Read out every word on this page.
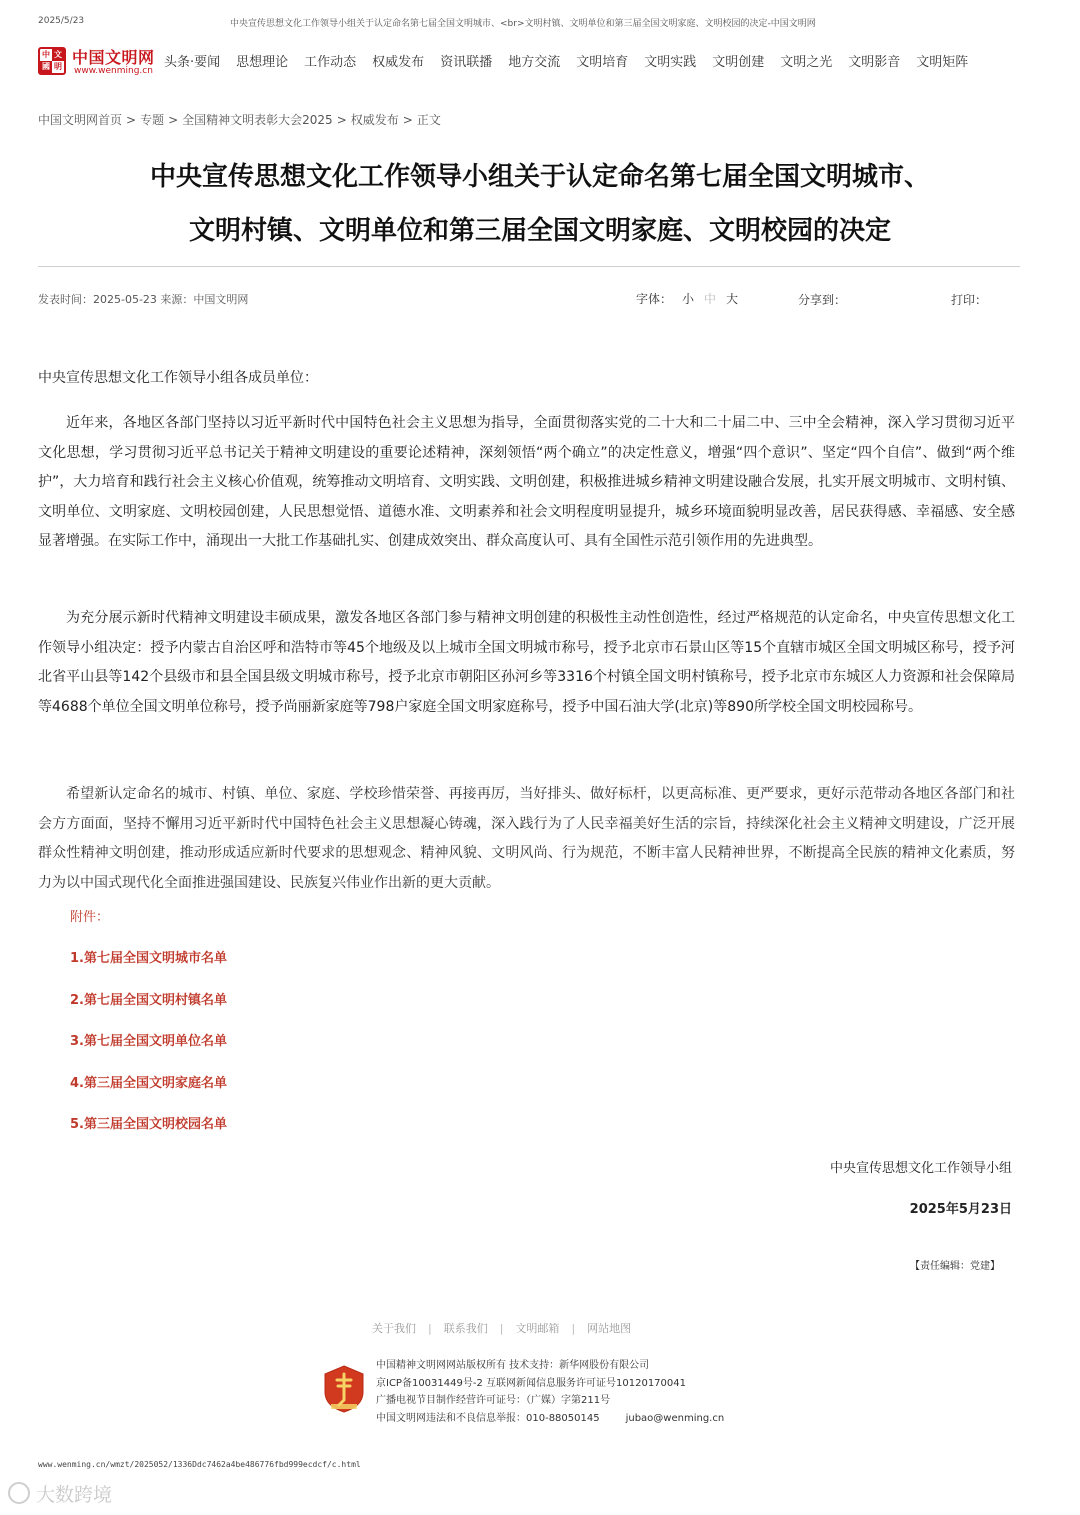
2025/5/23	中央宣传思想文化工作领导小组关于认定命名第七届全国文明城市、<br>文明村镇、文明单位和第三届全国文明家庭、文明校园的决定-中国文明网
中 文
國 明 中国文明网
www.wenming.cn
头条·要闻 思想理论 工作动态 权威发布 资讯联播 地方交流 文明培育 文明实践 文明创建 文明之光 文明影音 文明矩阵
中国文明网首页 > 专题 > 全国精神文明表彰大会2025 > 权威发布 > 正文
中央宣传思想文化工作领导小组关于认定命名第七届全国文明城市、
文明村镇、文明单位和第三届全国文明家庭、文明校园的决定
发表时间：2025-05-23 来源：中国文明网	字体： 小 中 大	分享到：	打印：
中央宣传思想文化工作领导小组各成员单位：
近年来，各地区各部门坚持以习近平新时代中国特色社会主义思想为指导，全面贯彻落实党的二十大和二十届二中、三中全会精神，深入学习贯彻习近平文化思想，学习贯彻习近平总书记关于精神文明建设的重要论述精神，深刻领悟“两个确立”的决定性意义，增强“四个意识”、坚定“四个自信”、做到“两个维护”，大力培育和践行社会主义核心价值观，统筹推动文明培育、文明实践、文明创建，积极推进城乡精神文明建设融合发展，扎实开展文明城市、文明村镇、文明单位、文明家庭、文明校园创建，人民思想觉悟、道德水准、文明素养和社会文明程度明显提升，城乡环境面貌明显改善，居民获得感、幸福感、安全感显著增强。在实际工作中，涌现出一大批工作基础扎实、创建成效突出、群众高度认可、具有全国性示范引领作用的先进典型。
为充分展示新时代精神文明建设丰硕成果，激发各地区各部门参与精神文明创建的积极性主动性创造性，经过严格规范的认定命名，中央宣传思想文化工作领导小组决定：授予内蒙古自治区呼和浩特市等45个地级及以上城市全国文明城市称号，授予北京市石景山区等15个直辖市城区全国文明城区称号，授予河北省平山县等142个县级市和县全国县级文明城市称号，授予北京市朝阳区孙河乡等3316个村镇全国文明村镇称号，授予北京市东城区人力资源和社会保障局等4688个单位全国文明单位称号，授予尚丽新家庭等798户家庭全国文明家庭称号，授予中国石油大学(北京)等890所学校全国文明校园称号。
希望新认定命名的城市、村镇、单位、家庭、学校珍惜荣誉、再接再厉，当好排头、做好标杆，以更高标准、更严要求，更好示范带动各地区各部门和社会方方面面，坚持不懈用习近平新时代中国特色社会主义思想凝心铸魂，深入践行为了人民幸福美好生活的宗旨，持续深化社会主义精神文明建设，广泛开展群众性精神文明创建，推动形成适应新时代要求的思想观念、精神风貌、文明风尚、行为规范，不断丰富人民精神世界，不断提高全民族的精神文化素质，努力为以中国式现代化全面推进强国建设、民族复兴伟业作出新的更大贡献。
附件：
1.第七届全国文明城市名单
2.第七届全国文明村镇名单
3.第七届全国文明单位名单
4.第三届全国文明家庭名单
5.第三届全国文明校园名单
中央宣传思想文化工作领导小组
2025年5月23日
【责任编辑：党建】
关于我们 | 联系我们 | 文明邮箱 | 网站地图
中国精神文明网网站版权所有 技术支持：新华网股份有限公司
京ICP备10031449号-2 互联网新闻信息服务许可证号10120170041
广播电视节目制作经营许可证号：（广媒）字第211号
中国文明网违法和不良信息举报：010-88050145	jubao@wenming.cn
www.wenming.cn/wmzt/2025052/1336Ddc7462a4be486776fbd999ecdcf/c.html
大数跨境
